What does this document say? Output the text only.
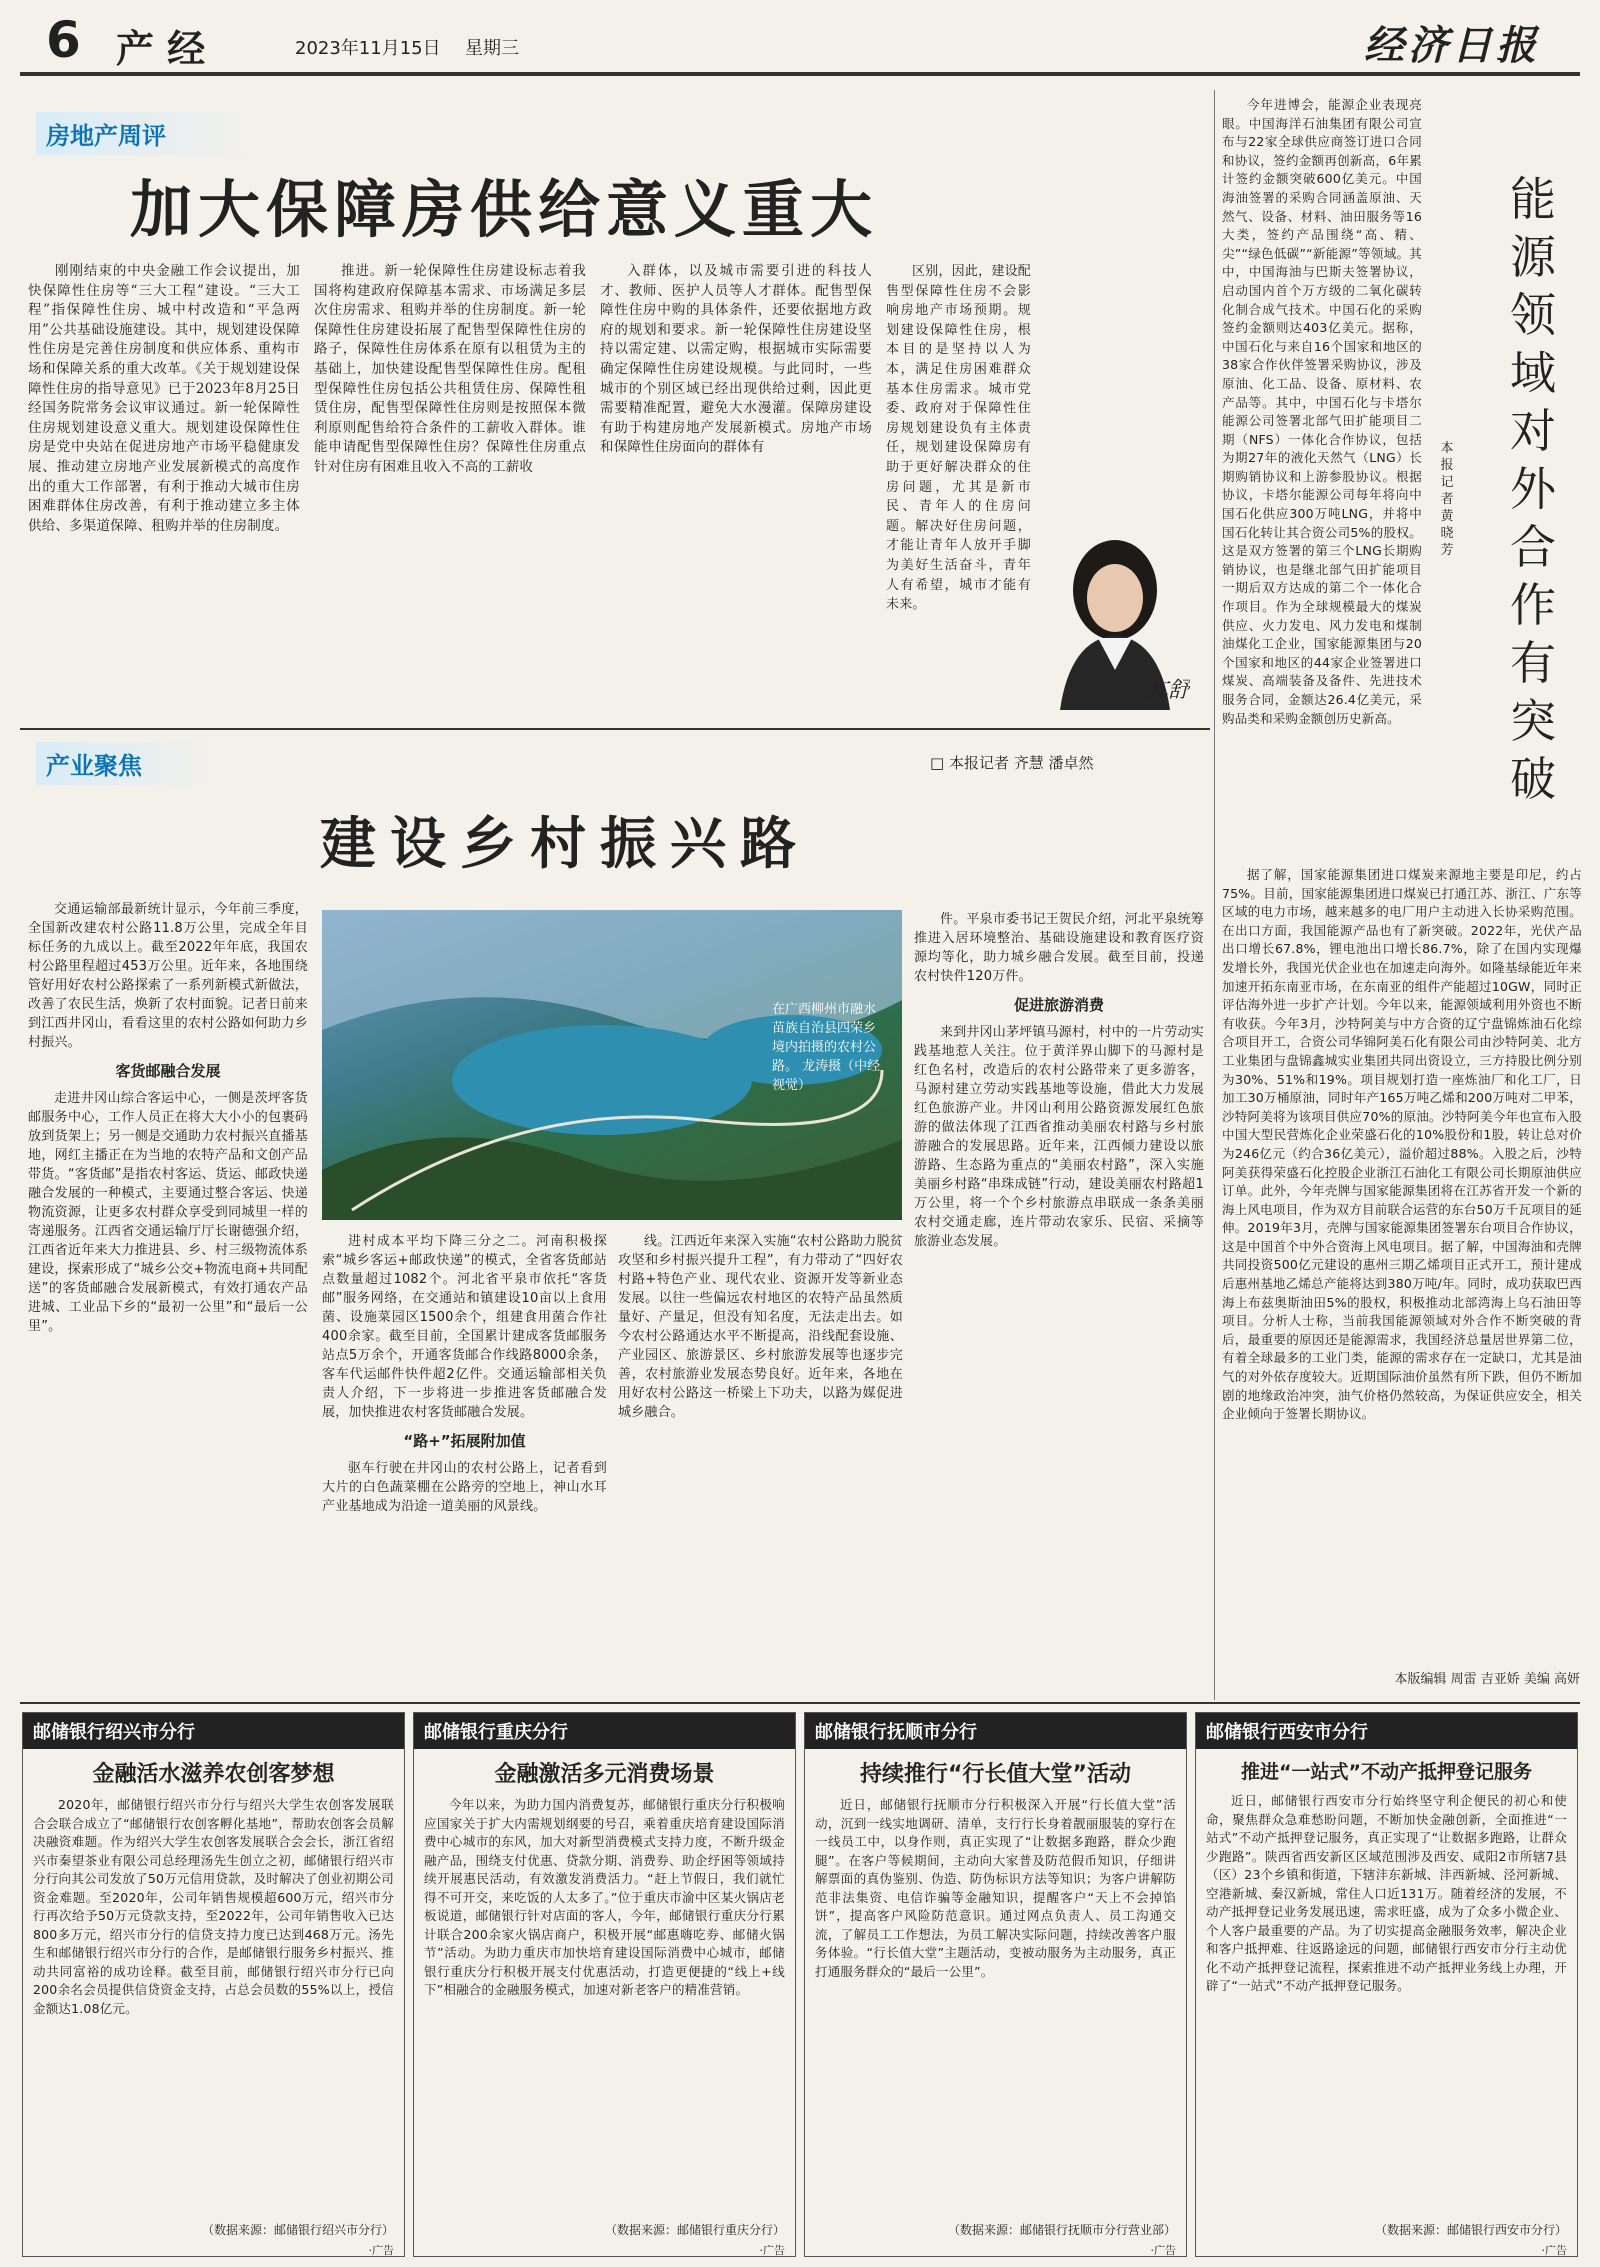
6 产 经	2023年11月15日 星期三	经济日报
房地产周评
加大保障房供给意义重大

刚刚结束的中央金融工作会议提出，加快保障性住房等“三大工程”建设。“三大工程”指保障性住房、城中村改造和“平急两用”公共基础设施建设。其中，规划建设保障性住房是完善住房制度和供应体系、重构市场和保障关系的重大改革。《关于规划建设保障性住房的指导意见》已于2023年8月25日经国务院常务会议审议通过。新一轮保障性住房规划建设意义重大。规划建设保障性住房是党中央站在促进房地产市场平稳健康发展、推动建立房地产业发展新模式的高度作出的重大工作部署，有利于推动大城市住房困难群体住房改善，有利于推动建立多主体供给、多渠道保障、租购并举的住房制度。

推进。新一轮保障性住房建设标志着我国将构建政府保障基本需求、市场满足多层次住房需求、租购并举的住房制度。新一轮保障性住房建设拓展了配售型保障性住房的路子，保障性住房体系在原有以租赁为主的基础上，加快建设配售型保障性住房。配租型保障性住房包括公共租赁住房、保障性租赁住房，配售型保障性住房则是按照保本微利原则配售给符合条件的工薪收入群体。谁能申请配售型保障性住房？保障性住房重点针对住房有困难且收入不高的工薪收

入群体，以及城市需要引进的科技人才、教师、医护人员等人才群体。配售型保障性住房中购的具体条件，还要依据地方政府的规划和要求。新一轮保障性住房建设坚持以需定建、以需定购，根据城市实际需要确定保障性住房建设规模。与此同时，一些城市的个别区域已经出现供给过剩，因此更需要精准配置，避免大水漫灌。保障房建设有助于构建房地产发展新模式。房地产市场和保障性住房面向的群体有

区别，因此，建设配售型保障性住房不会影响房地产市场预期。规划建设保障性住房，根本目的是坚持以人为本，满足住房困难群众基本住房需求。城市党委、政府对于保障性住房规划建设负有主体责任，规划建设保障房有助于更好解决群众的住房问题，尤其是新市民、青年人的住房问题。解决好住房问题，才能让青年人放开手脚为美好生活奋斗，青年人有希望，城市才能有未来。

亢舒
产业聚焦	□ 本报记者 齐慧 潘卓然
建设乡村振兴路

交通运输部最新统计显示，今年前三季度，全国新改建农村公路11.8万公里，完成全年目标任务的九成以上。截至2022年年底，我国农村公路里程超过453万公里。近年来，各地围绕管好用好农村公路探索了一系列新模式新做法，改善了农民生活，焕新了农村面貌。记者日前来到江西井冈山，看看这里的农村公路如何助力乡村振兴。

客货邮融合发展

走进井冈山综合客运中心，一侧是茨坪客货邮服务中心，工作人员正在将大大小小的包裹码放到货架上；另一侧是交通助力农村振兴直播基地，网红主播正在为当地的农特产品和文创产品带货。“客货邮”是指农村客运、货运、邮政快递融合发展的一种模式，主要通过整合客运、快递物流资源，让更多农村群众享受到同城里一样的寄递服务。江西省交通运输厅厅长谢德强介绍，江西省近年来大力推进县、乡、村三级物流体系建设，探索形成了“城乡公交+物流电商+共同配送”的客货邮融合发展新模式，有效打通农产品进城、工业品下乡的“最初一公里”和“最后一公里”。

在广西柳州市融水苗族自治县四荣乡境内拍摄的农村公路。 龙涛摄（中经视觉）

进村成本平均下降三分之二。河南积极探索“城乡客运+邮政快递”的模式，全省客货邮站点数量超过1082个。河北省平泉市依托“客货邮”服务网络，在交通站和镇建设10亩以上食用菌、设施菜园区1500余个，组建食用菌合作社400余家。截至目前，全国累计建成客货邮服务站点5万余个，开通客货邮合作线路8000余条，客车代运邮件快件超2亿件。交通运输部相关负责人介绍，下一步将进一步推进客货邮融合发展，加快推进农村客货邮融合发展。

“路+”拓展附加值

驱车行驶在井冈山的农村公路上，记者看到大片的白色蔬菜棚在公路旁的空地上，神山水耳产业基地成为沿途一道美丽的风景线。

线。江西近年来深入实施“农村公路助力脱贫攻坚和乡村振兴提升工程”，有力带动了“四好农村路+特色产业、现代农业、资源开发等新业态发展。以往一些偏远农村地区的农特产品虽然质量好、产量足，但没有知名度，无法走出去。如今农村公路通达水平不断提高，沿线配套设施、产业园区、旅游景区、乡村旅游发展等也逐步完善，农村旅游业发展态势良好。近年来，各地在用好农村公路这一桥梁上下功夫，以路为媒促进城乡融合。

件。平泉市委书记王贺民介绍，河北平泉统筹推进入居环境整治、基础设施建设和教育医疗资源均等化，助力城乡融合发展。截至目前，投递农村快件120万件。

促进旅游消费

来到井冈山茅坪镇马源村，村中的一片劳动实践基地惹人关注。位于黄洋界山脚下的马源村是红色名村，改造后的农村公路带来了更多游客，马源村建立劳动实践基地等设施，借此大力发展红色旅游产业。井冈山利用公路资源发展红色旅游的做法体现了江西省推动美丽农村路与乡村旅游融合的发展思路。近年来，江西倾力建设以旅游路、生态路为重点的“美丽农村路”，深入实施美丽乡村路“串珠成链”行动，建设美丽农村路超1万公里，将一个个乡村旅游点串联成一条条美丽农村交通走廊，连片带动农家乐、民宿、采摘等旅游业态发展。

今年进博会，能源企业表现亮眼。中国海洋石油集团有限公司宣布与22家全球供应商签订进口合同和协议，签约金额再创新高，6年累计签约金额突破600亿美元。中国海油签署的采购合同涵盖原油、天然气、设备、材料、油田服务等16大类，签约产品围绕“高、精、尖”“绿色低碳”“新能源”等领域。其中，中国海油与巴斯夫签署协议，启动国内首个万方级的二氧化碳转化制合成气技术。中国石化的采购签约金额则达403亿美元。据称，中国石化与来自16个国家和地区的38家合作伙伴签署采购协议，涉及原油、化工品、设备、原材料、农产品等。其中，中国石化与卡塔尔能源公司签署北部气田扩能项目二期（NFS）一体化合作协议，包括为期27年的液化天然气（LNG）长期购销协议和上游参股协议。根据协议，卡塔尔能源公司每年将向中国石化供应300万吨LNG，并将中国石化转让其合资公司5%的股权。这是双方签署的第三个LNG长期购销协议，也是继北部气田扩能项目一期后双方达成的第二个一体化合作项目。作为全球规模最大的煤炭供应、火力发电、风力发电和煤制油煤化工企业，国家能源集团与20个国家和地区的44家企业签署进口煤炭、高端装备及备件、先进技术服务合同，金额达26.4亿美元，采购品类和采购金额创历史新高。

能源领域对外合作有突破
本报记者 黄晓芳

据了解，国家能源集团进口煤炭来源地主要是印尼，约占75%。目前，国家能源集团进口煤炭已打通江苏、浙江、广东等区域的电力市场，越来越多的电厂用户主动进入长协采购范围。在出口方面，我国能源产品也有了新突破。2022年，光伏产品出口增长67.8%，锂电池出口增长86.7%，除了在国内实现爆发增长外，我国光伏企业也在加速走向海外。如隆基绿能近年来加速开拓东南亚市场，在东南亚的组件产能超过10GW，同时正评估海外进一步扩产计划。今年以来，能源领域利用外资也不断有收获。今年3月，沙特阿美与中方合资的辽宁盘锦炼油石化综合项目开工，合资公司华锦阿美石化有限公司由沙特阿美、北方工业集团与盘锦鑫城实业集团共同出资设立，三方持股比例分别为30%、51%和19%。项目规划打造一座炼油厂和化工厂，日加工30万桶原油，同时年产165万吨乙烯和200万吨对二甲苯，沙特阿美将为该项目供应70%的原油。沙特阿美今年也宣布入股中国大型民营炼化企业荣盛石化的10%股份和1股，转让总对价为246亿元（约合36亿美元），溢价超过88%。入股之后，沙特阿美获得荣盛石化控股企业浙江石油化工有限公司长期原油供应订单。此外，今年壳牌与国家能源集团将在江苏省开发一个新的海上风电项目，作为双方目前联合运营的东台50万千瓦项目的延伸。2019年3月，壳牌与国家能源集团签署东台项目合作协议，这是中国首个中外合资海上风电项目。据了解，中国海油和壳牌共同投资500亿元建设的惠州三期乙烯项目正式开工，预计建成后惠州基地乙烯总产能将达到380万吨/年。同时，成功获取巴西海上布兹奥斯油田5%的股权，积极推动北部湾海上乌石油田等项目。分析人士称，当前我国能源领域对外合作不断突破的背后，最重要的原因还是能源需求，我国经济总量居世界第二位，有着全球最多的工业门类，能源的需求存在一定缺口，尤其是油气的对外依存度较大。近期国际油价虽然有所下跌，但仍不断加剧的地缘政治冲突，油气价格仍然较高，为保证供应安全，相关企业倾向于签署长期协议。

本版编辑 周雷 吉亚娇 美编 高妍
邮储银行绍兴市分行
金融活水滋养农创客梦想

2020年，邮储银行绍兴市分行与绍兴大学生农创客发展联合会联合成立了“邮储银行农创客孵化基地”，帮助农创客会员解决融资难题。作为绍兴大学生农创客发展联合会会长，浙江省绍兴市秦望茶业有限公司总经理汤先生创立之初，邮储银行绍兴市分行向其公司发放了50万元信用贷款，及时解决了创业初期公司资金难题。至2020年，公司年销售规模超600万元，绍兴市分行再次给予50万元贷款支持，至2022年，公司年销售收入已达800多万元，绍兴市分行的信贷支持力度已达到468万元。汤先生和邮储银行绍兴市分行的合作，是邮储银行服务乡村振兴、推动共同富裕的成功诠释。截至目前，邮储银行绍兴市分行已向200余名会员提供信贷资金支持，占总会员数的55%以上，授信金额达1.08亿元。

（数据来源：邮储银行绍兴市分行）
·广告
邮储银行重庆分行
金融激活多元消费场景

今年以来，为助力国内消费复苏，邮储银行重庆分行积极响应国家关于扩大内需规划纲要的号召，乘着重庆培育建设国际消费中心城市的东风，加大对新型消费模式支持力度，不断升级金融产品，围绕支付优惠、贷款分期、消费券、助企纾困等领域持续开展惠民活动，有效激发消费活力。“赶上节假日，我们就忙得不可开交，来吃饭的人太多了。”位于重庆市渝中区某火锅店老板说道，邮储银行针对店面的客人，今年，邮储银行重庆分行累计联合200余家火锅店商户，积极开展“邮惠嗨吃券、邮储火锅节”活动。为助力重庆市加快培育建设国际消费中心城市，邮储银行重庆分行积极开展支付优惠活动，打造更便捷的“线上+线下”相融合的金融服务模式，加速对新老客户的精准营销。

（数据来源：邮储银行重庆分行）
·广告
邮储银行抚顺市分行
持续推行“行长值大堂”活动

近日，邮储银行抚顺市分行积极深入开展“行长值大堂”活动，沉到一线实地调研、清单，支行行长身着靓丽服装的穿行在一线员工中，以身作则，真正实现了“让数据多跑路，群众少跑腿”。在客户等候期间，主动向大家普及防范假币知识，仔细讲解票面的真伪鉴别、伪造、防伪标识方法等知识；为客户讲解防范非法集资、电信诈骗等金融知识，提醒客户“天上不会掉馅饼”，提高客户风险防范意识。通过网点负责人、员工沟通交流，了解员工工作想法，为员工解决实际问题，持续改善客户服务体验。“行长值大堂”主题活动，变被动服务为主动服务，真正打通服务群众的“最后一公里”。

（数据来源：邮储银行抚顺市分行营业部）
·广告
邮储银行西安市分行
推进“一站式”不动产抵押登记服务

近日，邮储银行西安市分行始终坚守利企便民的初心和使命，聚焦群众急难愁盼问题，不断加快金融创新，全面推进“一站式”不动产抵押登记服务，真正实现了“让数据多跑路，让群众少跑路”。陕西省西安新区区域范围涉及西安、咸阳2市所辖7县（区）23个乡镇和街道，下辖沣东新城、沣西新城、泾河新城、空港新城、秦汉新城，常住人口近131万。随着经济的发展，不动产抵押登记业务发展迅速，需求旺盛，成为了众多小微企业、个人客户最重要的产品。为了切实提高金融服务效率，解决企业和客户抵押难、往返路途远的问题，邮储银行西安市分行主动优化不动产抵押登记流程，探索推进不动产抵押业务线上办理，开辟了“一站式”不动产抵押登记服务。

（数据来源：邮储银行西安市分行）
·广告
